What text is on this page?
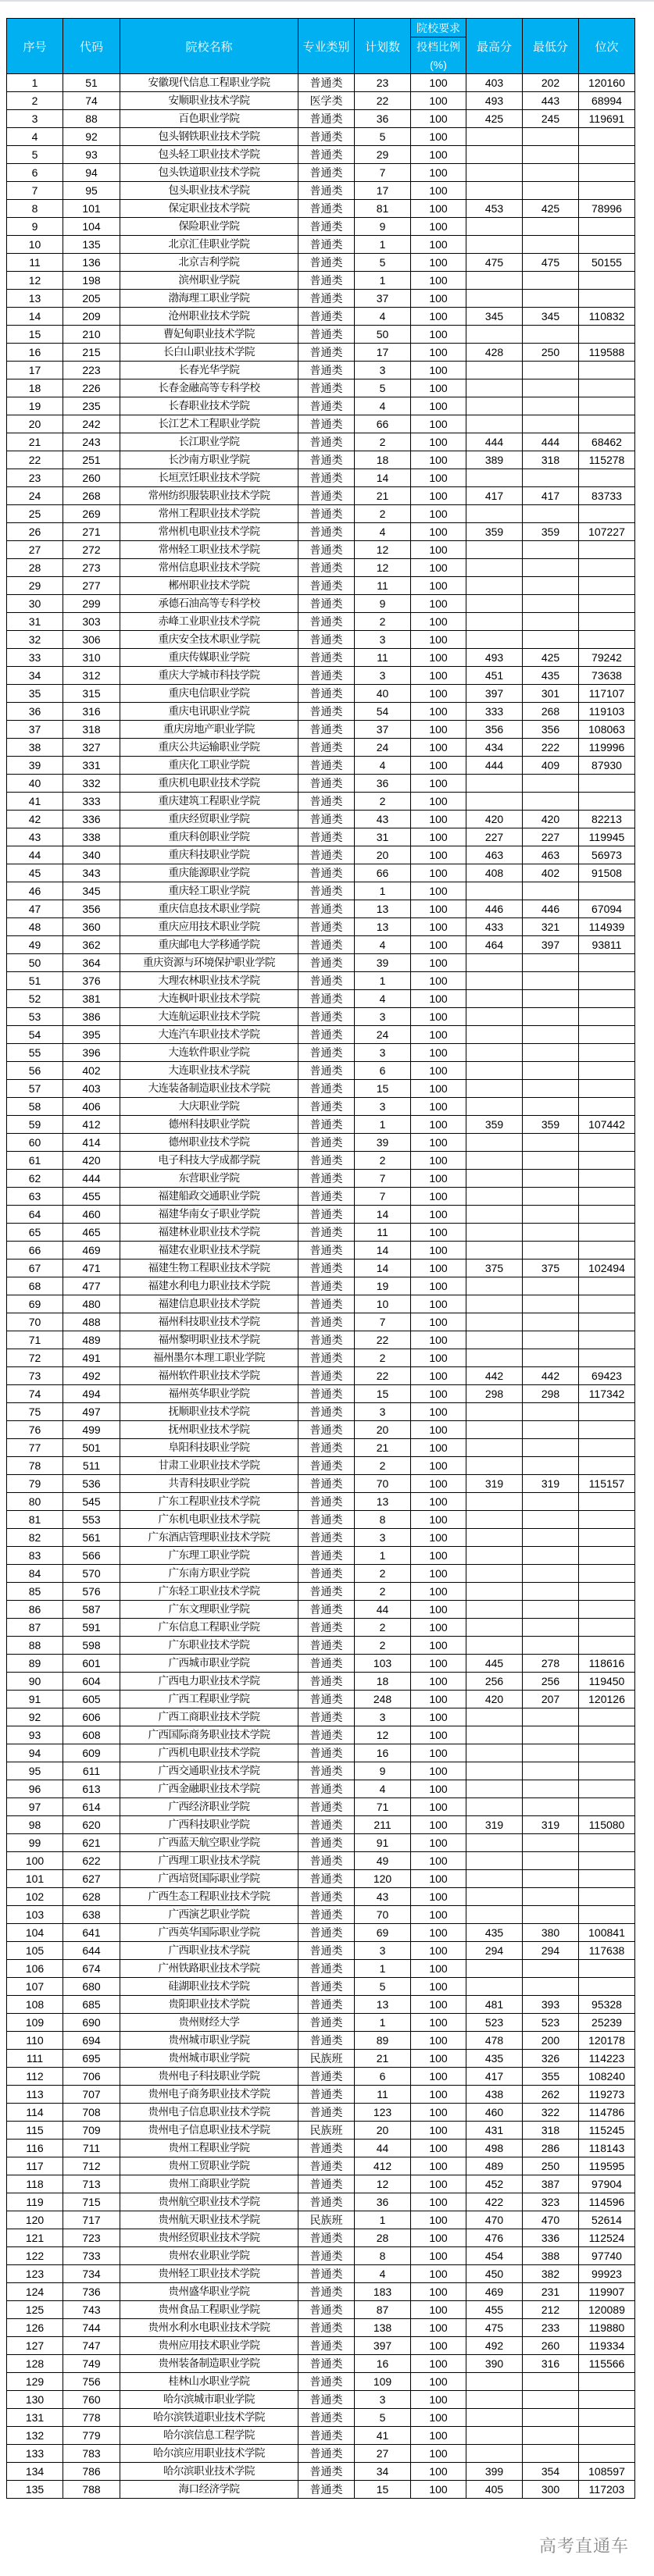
序号	代码	院校名称	专业类别	计划数	院校要求	最高分	最低分	位次
					投档比例			
					(%)			
1	51	安徽现代信息工程职业学院	普通类	23	100	403	202	120160
2	74	安顺职业技术学院	医学类	22	100	493	443	68994
3	88	百色职业学院	普通类	36	100	425	245	119691
4	92	包头钢铁职业技术学院	普通类	5	100			
5	93	包头轻工职业技术学院	普通类	29	100			
6	94	包头铁道职业技术学院	普通类	7	100			
7	95	包头职业技术学院	普通类	17	100			
8	101	保定职业技术学院	普通类	81	100	453	425	78996
9	104	保险职业学院	普通类	9	100			
10	135	北京汇佳职业学院	普通类	1	100			
11	136	北京吉利学院	普通类	5	100	475	475	50155
12	198	滨州职业学院	普通类	1	100			
13	205	渤海理工职业学院	普通类	37	100			
14	209	沧州职业技术学院	普通类	4	100	345	345	110832
15	210	曹妃甸职业技术学院	普通类	50	100			
16	215	长白山职业技术学院	普通类	17	100	428	250	119588
17	223	长春光华学院	普通类	3	100			
18	226	长春金融高等专科学校	普通类	5	100			
19	235	长春职业技术学院	普通类	4	100			
20	242	长江艺术工程职业学院	普通类	66	100			
21	243	长江职业学院	普通类	2	100	444	444	68462
22	251	长沙南方职业学院	普通类	18	100	389	318	115278
23	260	长垣烹饪职业技术学院	普通类	14	100			
24	268	常州纺织服装职业技术学院	普通类	21	100	417	417	83733
25	269	常州工程职业技术学院	普通类	2	100			
26	271	常州机电职业技术学院	普通类	4	100	359	359	107227
27	272	常州轻工职业技术学院	普通类	12	100			
28	273	常州信息职业技术学院	普通类	12	100			
29	277	郴州职业技术学院	普通类	11	100			
30	299	承德石油高等专科学校	普通类	9	100			
31	303	赤峰工业职业技术学院	普通类	2	100			
32	306	重庆安全技术职业学院	普通类	3	100			
33	310	重庆传媒职业学院	普通类	11	100	493	425	79242
34	312	重庆大学城市科技学院	普通类	3	100	451	435	73638
35	315	重庆电信职业学院	普通类	40	100	397	301	117107
36	316	重庆电讯职业学院	普通类	54	100	333	268	119103
37	318	重庆房地产职业学院	普通类	37	100	356	356	108063
38	327	重庆公共运输职业学院	普通类	24	100	434	222	119996
39	331	重庆化工职业学院	普通类	4	100	444	409	87930
40	332	重庆机电职业技术学院	普通类	36	100			
41	333	重庆建筑工程职业学院	普通类	2	100			
42	336	重庆经贸职业学院	普通类	43	100	420	420	82213
43	338	重庆科创职业学院	普通类	31	100	227	227	119945
44	340	重庆科技职业学院	普通类	20	100	463	463	56973
45	343	重庆能源职业学院	普通类	66	100	408	402	91508
46	345	重庆轻工职业学院	普通类	1	100			
47	356	重庆信息技术职业学院	普通类	13	100	446	446	67094
48	360	重庆应用技术职业学院	普通类	13	100	433	321	114939
49	362	重庆邮电大学移通学院	普通类	4	100	464	397	93811
50	364	重庆资源与环境保护职业学院	普通类	39	100			
51	376	大理农林职业技术学院	普通类	1	100			
52	381	大连枫叶职业技术学院	普通类	4	100			
53	386	大连航运职业技术学院	普通类	3	100			
54	395	大连汽车职业技术学院	普通类	24	100			
55	396	大连软件职业学院	普通类	3	100			
56	402	大连职业技术学院	普通类	6	100			
57	403	大连装备制造职业技术学院	普通类	15	100			
58	406	大庆职业学院	普通类	3	100			
59	412	德州科技职业学院	普通类	1	100	359	359	107442
60	414	德州职业技术学院	普通类	39	100			
61	420	电子科技大学成都学院	普通类	2	100			
62	444	东营职业学院	普通类	7	100			
63	455	福建船政交通职业学院	普通类	7	100			
64	460	福建华南女子职业学院	普通类	14	100			
65	465	福建林业职业技术学院	普通类	11	100			
66	469	福建农业职业技术学院	普通类	14	100			
67	471	福建生物工程职业技术学院	普通类	14	100	375	375	102494
68	477	福建水利电力职业技术学院	普通类	19	100			
69	480	福建信息职业技术学院	普通类	10	100			
70	488	福州科技职业技术学院	普通类	7	100			
71	489	福州黎明职业技术学院	普通类	22	100			
72	491	福州墨尔本理工职业学院	普通类	2	100			
73	492	福州软件职业技术学院	普通类	22	100	442	442	69423
74	494	福州英华职业学院	普通类	15	100	298	298	117342
75	497	抚顺职业技术学院	普通类	3	100			
76	499	抚州职业技术学院	普通类	20	100			
77	501	阜阳科技职业学院	普通类	21	100			
78	511	甘肃工业职业技术学院	普通类	2	100			
79	536	共青科技职业学院	普通类	70	100	319	319	115157
80	545	广东工程职业技术学院	普通类	13	100			
81	553	广东机电职业技术学院	普通类	8	100			
82	561	广东酒店管理职业技术学院	普通类	3	100			
83	566	广东理工职业学院	普通类	1	100			
84	570	广东南方职业学院	普通类	2	100			
85	576	广东轻工职业技术学院	普通类	2	100			
86	587	广东文理职业学院	普通类	44	100			
87	591	广东信息工程职业学院	普通类	2	100			
88	598	广东职业技术学院	普通类	2	100			
89	601	广西城市职业学院	普通类	103	100	445	278	118616
90	604	广西电力职业技术学院	普通类	18	100	256	256	119450
91	605	广西工程职业学院	普通类	248	100	420	207	120126
92	606	广西工商职业技术学院	普通类	3	100			
93	608	广西国际商务职业技术学院	普通类	12	100			
94	609	广西机电职业技术学院	普通类	16	100			
95	611	广西交通职业技术学院	普通类	9	100			
96	613	广西金融职业技术学院	普通类	4	100			
97	614	广西经济职业学院	普通类	71	100			
98	620	广西科技职业学院	普通类	211	100	319	319	115080
99	621	广西蓝天航空职业学院	普通类	91	100			
100	622	广西理工职业技术学院	普通类	49	100			
101	627	广西培贤国际职业学院	普通类	120	100			
102	628	广西生态工程职业技术学院	普通类	43	100			
103	638	广西演艺职业学院	普通类	70	100			
104	641	广西英华国际职业学院	普通类	69	100	435	380	100841
105	644	广西职业技术学院	普通类	3	100	294	294	117638
106	674	广州铁路职业技术学院	普通类	1	100			
107	680	硅湖职业技术学院	普通类	5	100			
108	685	贵阳职业技术学院	普通类	13	100	481	393	95328
109	690	贵州财经大学	普通类	1	100	523	523	25239
110	694	贵州城市职业学院	普通类	89	100	478	200	120178
111	695	贵州城市职业学院	民族班	21	100	435	326	114223
112	706	贵州电子科技职业学院	普通类	6	100	417	355	108240
113	707	贵州电子商务职业技术学院	普通类	11	100	438	262	119273
114	708	贵州电子信息职业技术学院	普通类	123	100	460	322	114786
115	709	贵州电子信息职业技术学院	民族班	20	100	431	318	115245
116	711	贵州工程职业学院	普通类	44	100	498	286	118143
117	712	贵州工贸职业学院	普通类	412	100	489	250	119595
118	713	贵州工商职业学院	普通类	12	100	452	387	97904
119	715	贵州航空职业技术学院	普通类	36	100	422	323	114596
120	717	贵州航天职业技术学院	民族班	1	100	470	470	52614
121	723	贵州经贸职业技术学院	普通类	28	100	476	336	112524
122	733	贵州农业职业学院	普通类	8	100	454	388	97740
123	734	贵州轻工职业技术学院	普通类	4	100	450	382	99923
124	736	贵州盛华职业学院	普通类	183	100	469	231	119907
125	743	贵州食品工程职业学院	普通类	87	100	455	212	120089
126	744	贵州水利水电职业技术学院	普通类	138	100	475	233	119880
127	747	贵州应用技术职业学院	普通类	397	100	492	260	119334
128	749	贵州装备制造职业学院	普通类	16	100	390	316	115566
129	756	桂林山水职业学院	普通类	109	100			
130	760	哈尔滨城市职业学院	普通类	3	100			
131	778	哈尔滨铁道职业技术学院	普通类	5	100			
132	779	哈尔滨信息工程学院	普通类	41	100			
133	783	哈尔滨应用职业技术学院	普通类	27	100			
134	786	哈尔滨职业技术学院	普通类	34	100	399	354	108597
135	788	海口经济学院	普通类	15	100	405	300	117203
高考直通车
